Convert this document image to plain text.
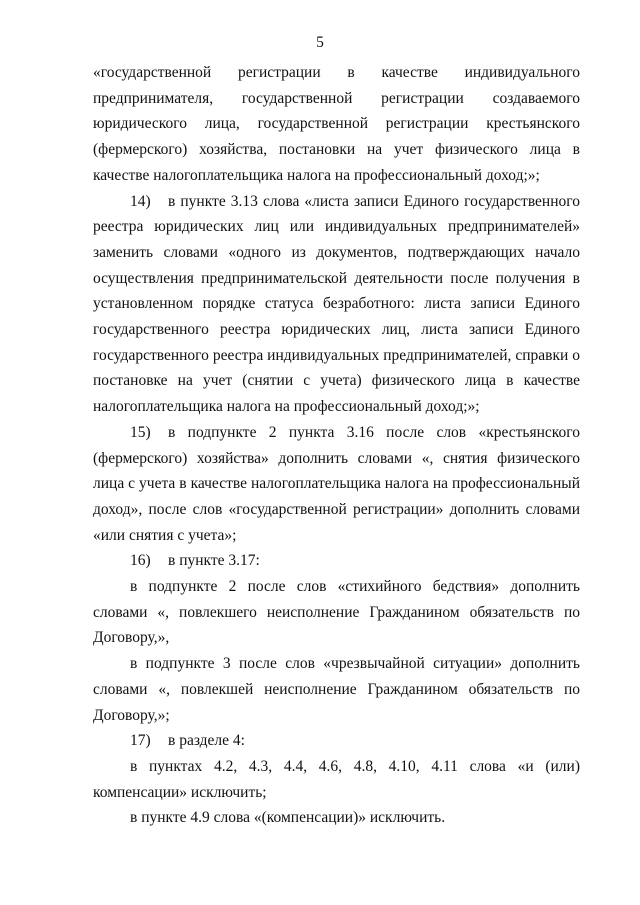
5

«государственной регистрации в качестве индивидуального предпринимателя, государственной регистрации создаваемого юридического лица, государственной регистрации крестьянского (фермерского) хозяйства, постановки на учет физического лица в качестве налогоплательщика налога на профессиональный доход;»;

14) в пункте 3.13 слова «листа записи Единого государственного реестра юридических лиц или индивидуальных предпринимателей» заменить словами «одного из документов, подтверждающих начало осуществления предпринимательской деятельности после получения в установленном порядке статуса безработного: листа записи Единого государственного реестра юридических лиц, листа записи Единого государственного реестра индивидуальных предпринимателей, справки о постановке на учет (снятии с учета) физического лица в качестве налогоплательщика налога на профессиональный доход;»;

15) в подпункте 2 пункта 3.16 после слов «крестьянского (фермерского) хозяйства» дополнить словами «, снятия физического лица с учета в качестве налогоплательщика налога на профессиональный доход», после слов «государственной регистрации» дополнить словами «или снятия с учета»;

16) в пункте 3.17:

в подпункте 2 после слов «стихийного бедствия» дополнить словами «, повлекшего неисполнение Гражданином обязательств по Договору,»,

в подпункте 3 после слов «чрезвычайной ситуации» дополнить словами «, повлекшей неисполнение Гражданином обязательств по Договору,»;

17) в разделе 4:

в пунктах 4.2, 4.3, 4.4, 4.6, 4.8, 4.10, 4.11 слова «и (или) компенсации» исключить;

в пункте 4.9 слова «(компенсации)» исключить.
